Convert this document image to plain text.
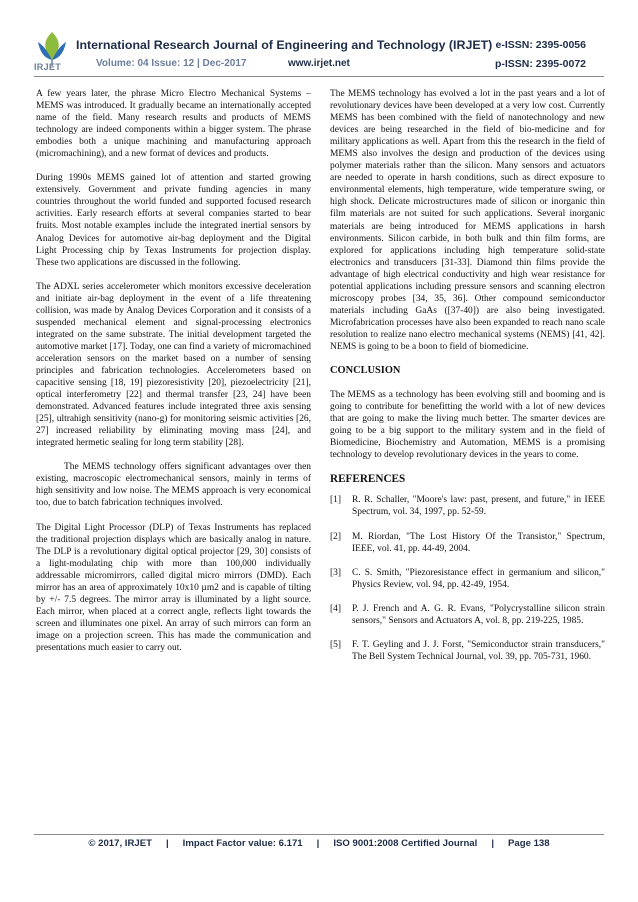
IRJET
International Research Journal of Engineering and Technology (IRJET) e-ISSN: 2395-0056
Volume: 04 Issue: 12 | Dec-2017	www.irjet.net	p-ISSN: 2395-0072

A few years later, the phrase Micro Electro Mechanical Systems – MEMS was introduced. It gradually became an internationally accepted name of the field. Many research results and products of MEMS technology are indeed components within a bigger system. The phrase embodies both a unique machining and manufacturing approach (micromachining), and a new format of devices and products.

During 1990s MEMS gained lot of attention and started growing extensively. Government and private funding agencies in many countries throughout the world funded and supported focused research activities. Early research efforts at several companies started to bear fruits. Most notable examples include the integrated inertial sensors by Analog Devices for automotive air-bag deployment and the Digital Light Processing chip by Texas Instruments for projection display. These two applications are discussed in the following.

The ADXL series accelerometer which monitors excessive deceleration and initiate air-bag deployment in the event of a life threatening collision, was made by Analog Devices Corporation and it consists of a suspended mechanical element and signal-processing electronics integrated on the same substrate. The initial development targeted the automotive market [17]. Today, one can find a variety of micromachined acceleration sensors on the market based on a number of sensing principles and fabrication technologies. Accelerometers based on capacitive sensing [18, 19] piezoresistivity [20], piezoelectricity [21], optical interferometry [22] and thermal transfer [23, 24] have been demonstrated. Advanced features include integrated three axis sensing [25], ultrahigh sensitivity (nano-g) for monitoring seismic activities [26, 27] increased reliability by eliminating moving mass [24], and integrated hermetic sealing for long term stability [28].

The MEMS technology offers significant advantages over then existing, macroscopic electromechanical sensors, mainly in terms of high sensitivity and low noise. The MEMS approach is very economical too, due to batch fabrication techniques involved.

The Digital Light Processor (DLP) of Texas Instruments has replaced the traditional projection displays which are basically analog in nature. The DLP is a revolutionary digital optical projector [29, 30] consists of a light-modulating chip with more than 100,000 individually addressable micromirrors, called digital micro mirrors (DMD). Each mirror has an area of approximately 10x10 µm2 and is capable of tilting by +/- 7.5 degrees. The mirror array is illuminated by a light source. Each mirror, when placed at a correct angle, reflects light towards the screen and illuminates one pixel. An array of such mirrors can form an image on a projection screen. This has made the communication and presentations much easier to carry out.

The MEMS technology has evolved a lot in the past years and a lot of revolutionary devices have been developed at a very low cost. Currently MEMS has been combined with the field of nanotechnology and new devices are being researched in the field of bio-medicine and for military applications as well. Apart from this the research in the field of MEMS also involves the design and production of the devices using polymer materials rather than the silicon. Many sensors and actuators are needed to operate in harsh conditions, such as direct exposure to environmental elements, high temperature, wide temperature swing, or high shock. Delicate microstructures made of silicon or inorganic thin film materials are not suited for such applications. Several inorganic materials are being introduced for MEMS applications in harsh environments. Silicon carbide, in both bulk and thin film forms, are explored for applications including high temperature solid-state electronics and transducers [31-33]. Diamond thin films provide the advantage of high electrical conductivity and high wear resistance for potential applications including pressure sensors and scanning electron microscopy probes [34, 35, 36]. Other compound semiconductor materials including GaAs ([37-40]) are also being investigated. Microfabrication processes have also been expanded to reach nano scale resolution to realize nano electro mechanical systems (NEMS) [41, 42]. NEMS is going to be a boon to field of biomedicine.

CONCLUSION

The MEMS as a technology has been evolving still and booming and is going to contribute for benefitting the world with a lot of new devices that are going to make the living much better. The smarter devices are going to be a big support to the military system and in the field of Biomedicine, Biochemistry and Automation, MEMS is a promising technology to develop revolutionary devices in the years to come.

REFERENCES
[1]	R. R. Schaller, "Moore's law: past, present, and future," in IEEE Spectrum, vol. 34, 1997, pp. 52-59.
[2]	M. Riordan, "The Lost History Of the Transistor," Spectrum, IEEE, vol. 41, pp. 44-49, 2004.
[3]	C. S. Smith, "Piezoresistance effect in germanium and silicon," Physics Review, vol. 94, pp. 42-49, 1954.
[4]	P. J. French and A. G. R. Evans, "Polycrystalline silicon strain sensors," Sensors and Actuators A, vol. 8, pp. 219-225, 1985.
[5]	F. T. Geyling and J. J. Forst, "Semiconductor strain transducers," The Bell System Technical Journal, vol. 39, pp. 705-731, 1960.
© 2017, IRJET | Impact Factor value: 6.171 | ISO 9001:2008 Certified Journal | Page 138
